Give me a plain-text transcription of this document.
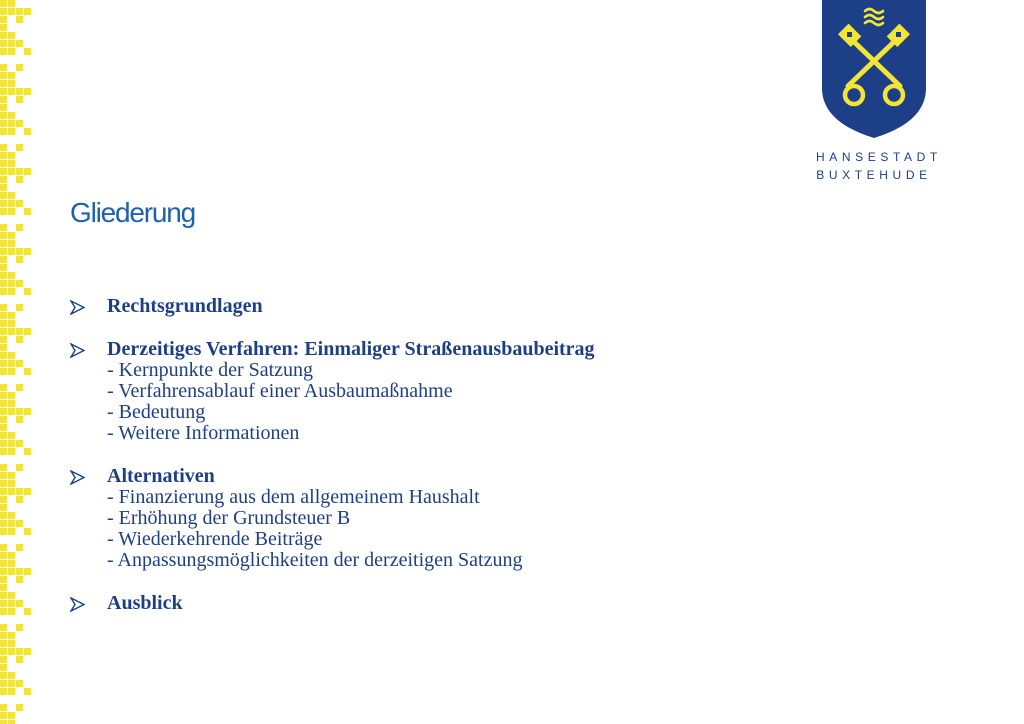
HANSESTADT
BUXTEHUDE
Gliederung
Rechtsgrundlagen
Derzeitiges Verfahren: Einmaliger Straßenausbaubeitrag
- Kernpunkte der Satzung
- Verfahrensablauf einer Ausbaumaßnahme
- Bedeutung
- Weitere Informationen
Alternativen
- Finanzierung aus dem allgemeinem Haushalt
- Erhöhung der Grundsteuer B
- Wiederkehrende Beiträge
- Anpassungsmöglichkeiten der derzeitigen Satzung
Ausblick
